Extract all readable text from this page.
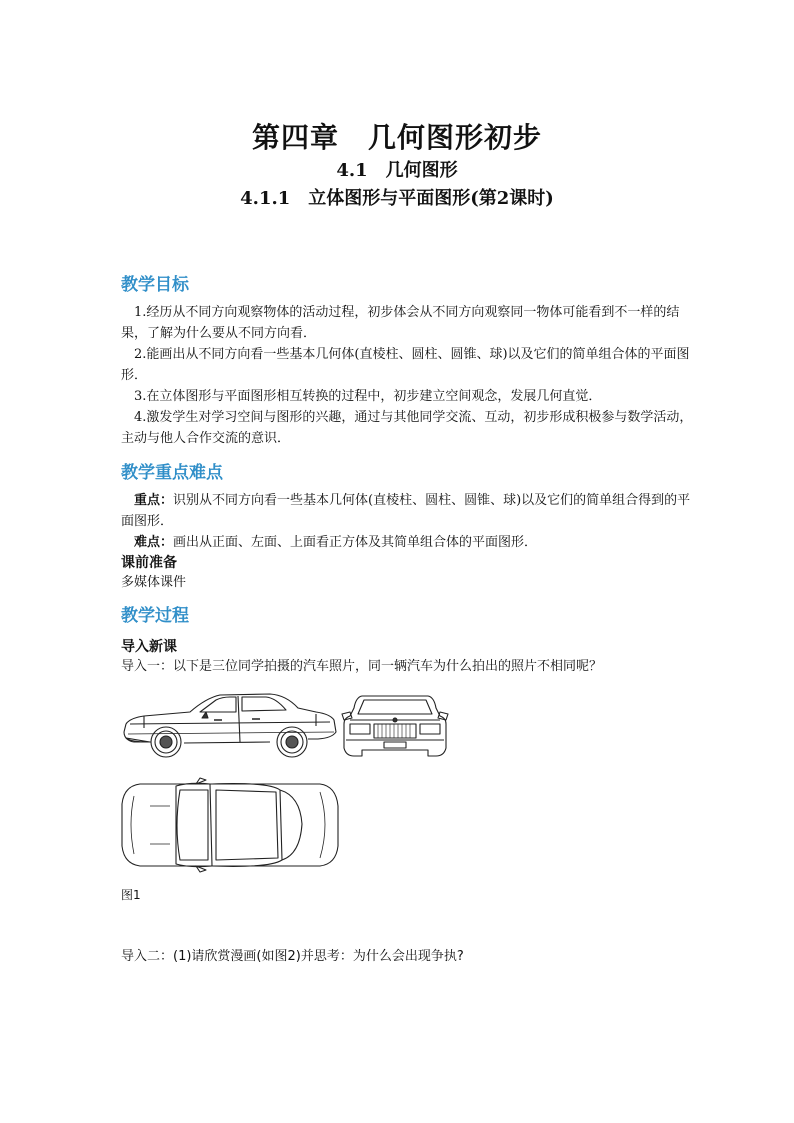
第四章　几何图形初步
4.1　几何图形
4.1.1　立体图形与平面图形(第2课时)
教学目标
1.经历从不同方向观察物体的活动过程，初步体会从不同方向观察同一物体可能看到不一样的结果，了解为什么要从不同方向看．
2.能画出从不同方向看一些基本几何体(直棱柱、圆柱、圆锥、球)以及它们的简单组合体的平面图形．
3.在立体图形与平面图形相互转换的过程中，初步建立空间观念，发展几何直觉．
4.激发学生对学习空间与图形的兴趣，通过与其他同学交流、互动，初步形成积极参与数学活动，主动与他人合作交流的意识．
教学重点难点
重点：识别从不同方向看一些基本几何体(直棱柱、圆柱、圆锥、球)以及它们的简单组合得到的平面图形．
难点：画出从正面、左面、上面看正方体及其简单组合体的平面图形．
课前准备
多媒体课件
教学过程
导入新课
导入一：以下是三位同学拍摄的汽车照片，同一辆汽车为什么拍出的照片不相同呢？
图1
导入二：(1)请欣赏漫画(如图2)并思考：为什么会出现争执?
